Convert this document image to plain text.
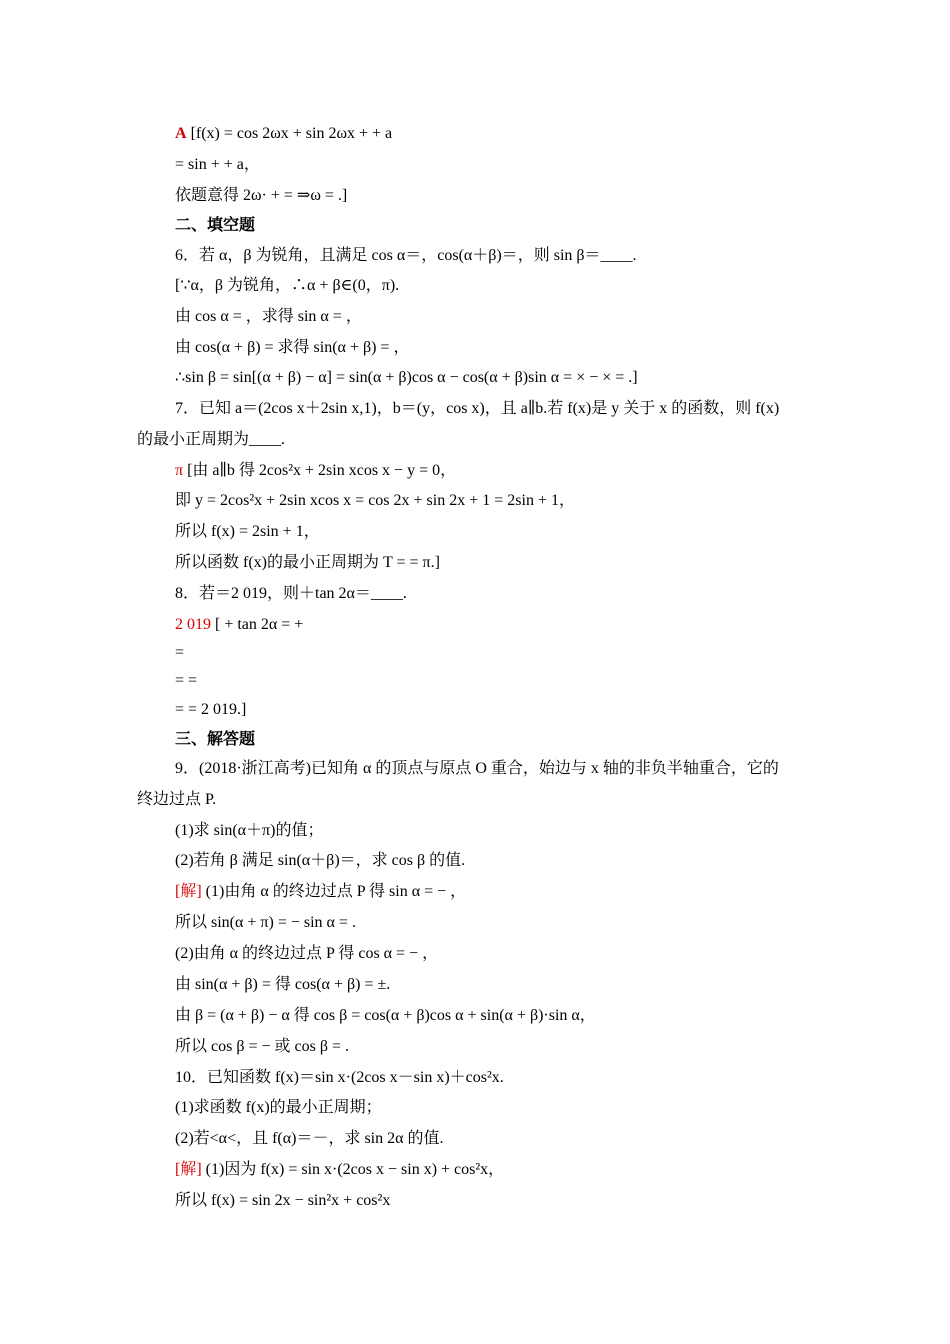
A [f(x) = cos 2ωx + sin 2ωx + + a
= sin + + a，
依题意得 2ω· + = ⇒ω = .]
二、填空题
6．若 α，β 为锐角，且满足 cos α＝，cos(α＋β)＝，则 sin β＝____.
[∵α，β 为锐角，∴α + β∈(0，π).
由 cos α = ，求得 sin α = ，
由 cos(α + β) = 求得 sin(α + β) = ，
∴sin β = sin[(α + β) − α] = sin(α + β)cos α − cos(α + β)sin α = × − × = .]
7．已知 a＝(2cos x＋2sin x,1)，b＝(y，cos x)，且 a∥b.若 f(x)是 y 关于 x 的函数，则 f(x)
的最小正周期为____.
π [由 a∥b 得 2cos²x + 2sin xcos x − y = 0，
即 y = 2cos²x + 2sin xcos x = cos 2x + sin 2x + 1 = 2sin + 1，
所以 f(x) = 2sin + 1，
所以函数 f(x)的最小正周期为 T = = π.]
8．若＝2 019，则＋tan 2α＝____.
2 019 [ + tan 2α = +
=
= =
= = 2 019.]
三、解答题
9．(2018·浙江高考)已知角 α 的顶点与原点 O 重合，始边与 x 轴的非负半轴重合，它的
终边过点 P.
(1)求 sin(α＋π)的值；
(2)若角 β 满足 sin(α＋β)＝，求 cos β 的值.
[解] (1)由角 α 的终边过点 P 得 sin α = − ，
所以 sin(α + π) = − sin α = .
(2)由角 α 的终边过点 P 得 cos α = − ，
由 sin(α + β) = 得 cos(α + β) = ±.
由 β = (α + β) − α 得 cos β = cos(α + β)cos α + sin(α + β)·sin α，
所以 cos β = − 或 cos β = .
10．已知函数 f(x)＝sin x·(2cos x－sin x)＋cos²x.
(1)求函数 f(x)的最小正周期；
(2)若<α<，且 f(α)＝－，求 sin 2α 的值.
[解] (1)因为 f(x) = sin x·(2cos x − sin x) + cos²x，
所以 f(x) = sin 2x − sin²x + cos²x
